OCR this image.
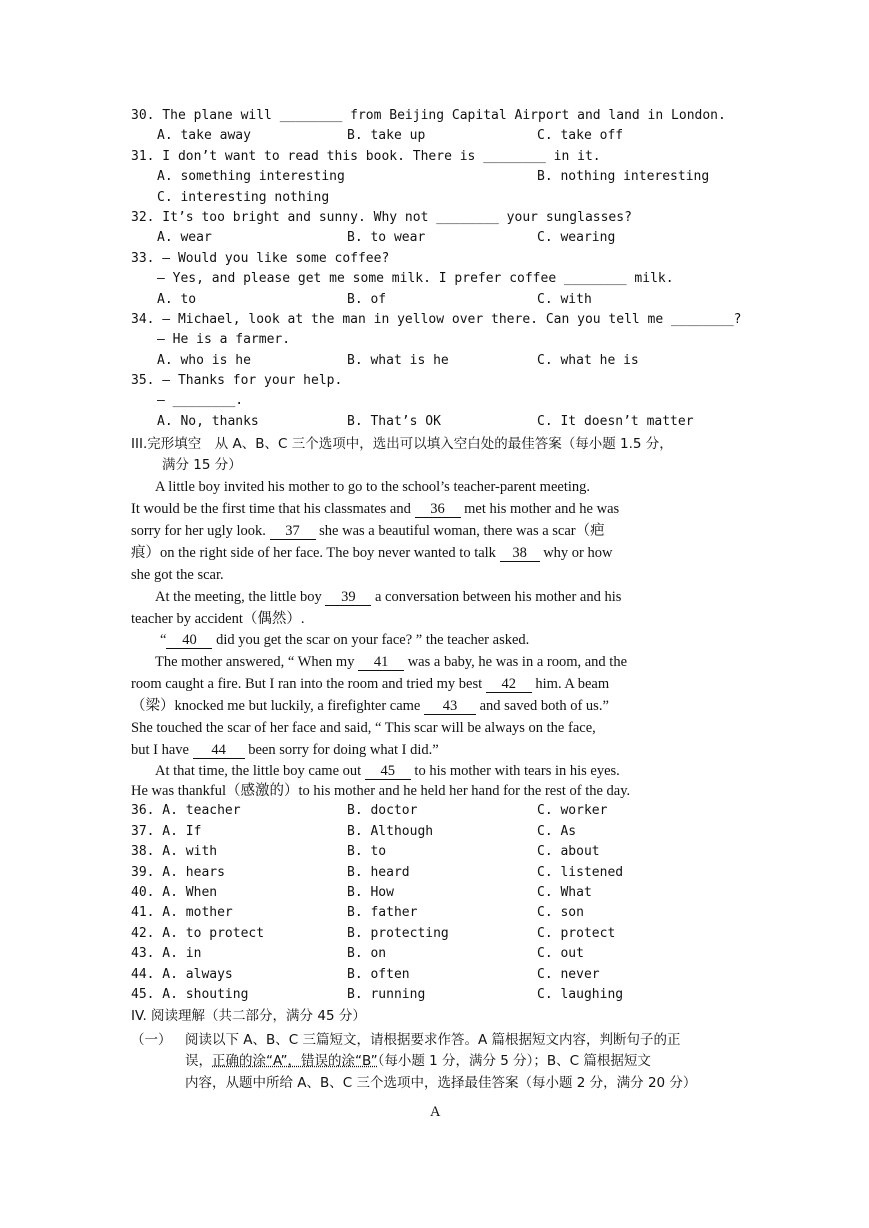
30. The plane will ________ from Beijing Capital Airport and land in London.
A. take away	B. take up	C. take off
31. I don’t want to read this book. There is ________ in it.
A. something interesting	B. nothing interesting
C. interesting nothing
32. It’s too bright and sunny. Why not ________ your sunglasses?
A. wear	B. to wear	C. wearing
33. — Would you like some coffee?
— Yes, and please get me some milk. I prefer coffee ________ milk.
A. to	B. of	C. with
34. — Michael, look at the man in yellow over there. Can you tell me ________?
— He is a farmer.
A. who is he	B. what is he	C. what he is
35. — Thanks for your help.
— ________.
A. No, thanks	B. That’s OK	C. It doesn’t matter
III.完形填空　从 A、B、C 三个选项中，选出可以填入空白处的最佳答案（每小题 1.5 分，
满分 15 分）
A little boy invited his mother to go to the school’s teacher-parent meeting.
It would be the first time that his classmates and 36 met his mother and he was
sorry for her ugly look. 37 she was a beautiful woman, there was a scar（疤
痕）on the right side of her face. The boy never wanted to talk 38 why or how
she got the scar.
At the meeting, the little boy 39 a conversation between his mother and his
teacher by accident（偶然）.
“ 40 did you get the scar on your face? ” the teacher asked.
The mother answered, “ When my 41 was a baby, he was in a room, and the
room caught a fire. But I ran into the room and tried my best 42 him. A beam
（梁）knocked me but luckily, a firefighter came 43 and saved both of us.”
She touched the scar of her face and said, “ This scar will be always on the face,
but I have 44 been sorry for doing what I did.”
At that time, the little boy came out 45 to his mother with tears in his eyes.
He was thankful（感激的）to his mother and he held her hand for the rest of the day.
36. A. teacher	B. doctor	C. worker
37. A. If	B. Although	C. As
38. A. with	B. to	C. about
39. A. hears	B. heard	C. listened
40. A. When	B. How	C. What
41. A. mother	B. father	C. son
42. A. to protect	B. protecting	C. protect
43. A. in	B. on	C. out
44. A. always	B. often	C. never
45. A. shouting	B. running	C. laughing
IV. 阅读理解（共二部分，满分 45 分）
（一） 阅读以下 A、B、C 三篇短文，请根据要求作答。A 篇根据短文内容，判断句子的正
误，正确的涂“A”，错误的涂“B”（每小题 1 分，满分 5 分）；B、C 篇根据短文
内容，从题中所给 A、B、C 三个选项中，选择最佳答案（每小题 2 分，满分 20 分）
A
